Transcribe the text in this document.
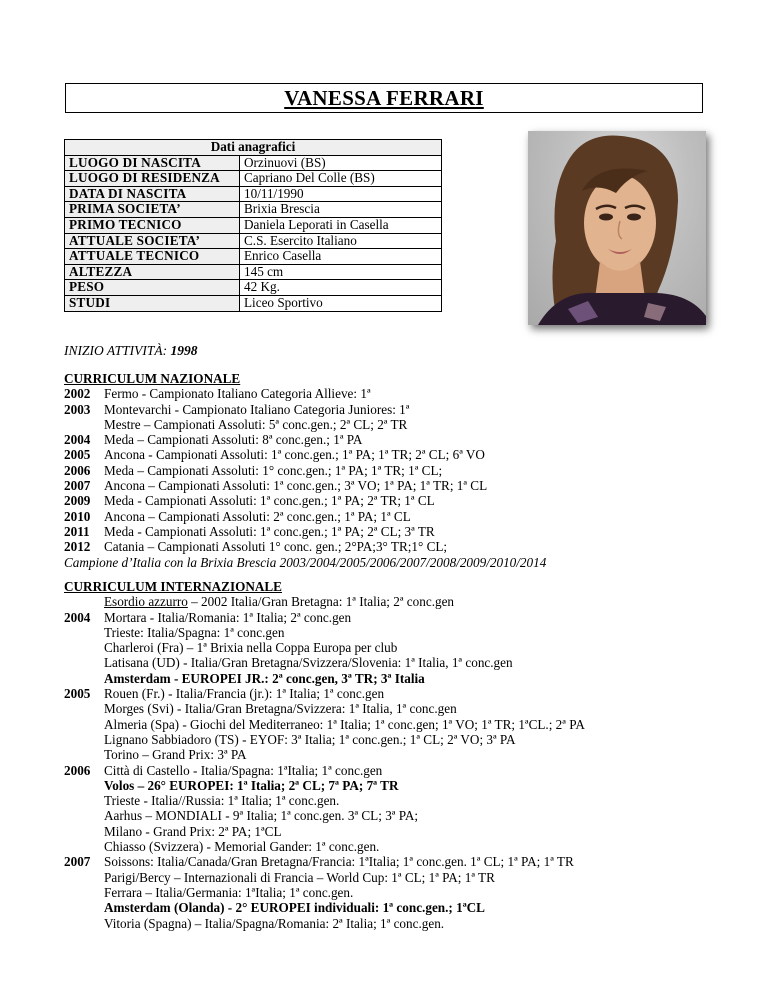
VANESSA FERRARI
Dati anagrafici	
LUOGO DI NASCITA	Orzinuovi (BS)
LUOGO DI RESIDENZA	Capriano Del Colle (BS)
DATA DI NASCITA	10/11/1990
PRIMA SOCIETA’	Brixia Brescia
PRIMO TECNICO	Daniela Leporati in Casella
ATTUALE SOCIETA’	C.S. Esercito Italiano
ATTUALE TECNICO	Enrico Casella
ALTEZZA	145 cm
PESO	42 Kg.
STUDI	Liceo Sportivo
INIZIO ATTIVITÀ: 1998
CURRICULUM NAZIONALE
2002	Fermo - Campionato Italiano Categoria Allieve: 1ª
2003	Montevarchi - Campionato Italiano Categoria Juniores: 1ª
Mestre – Campionati Assoluti: 5ª conc.gen.; 2ª CL; 2ª TR
2004	Meda – Campionati Assoluti: 8ª conc.gen.; 1ª PA
2005	Ancona - Campionati Assoluti: 1ª conc.gen.; 1ª PA; 1ª TR; 2ª CL; 6ª VO
2006	Meda – Campionati Assoluti: 1° conc.gen.; 1ª PA; 1ª TR; 1ª CL;
2007	Ancona – Campionati Assoluti: 1ª conc.gen.; 3ª VO; 1ª PA; 1ª TR; 1ª CL
2009	Meda - Campionati Assoluti: 1ª conc.gen.; 1ª PA; 2ª TR; 1ª CL
2010	Ancona – Campionati Assoluti: 2ª conc.gen.; 1ª PA; 1ª CL
2011	Meda - Campionati Assoluti: 1ª conc.gen.; 1ª PA; 2ª CL; 3ª TR
2012	Catania – Campionati Assoluti 1° conc. gen.; 2°PA;3° TR;1° CL;
Campione d’Italia con la Brixia Brescia 2003/2004/2005/2006/2007/2008/2009/2010/2014
CURRICULUM INTERNAZIONALE
Esordio azzurro – 2002 Italia/Gran Bretagna: 1ª Italia; 2ª conc.gen
2004	Mortara - Italia/Romania: 1ª Italia; 2ª conc.gen
Trieste: Italia/Spagna: 1ª conc.gen
Charleroi (Fra) – 1ª Brixia nella Coppa Europa per club
Latisana (UD) - Italia/Gran Bretagna/Svizzera/Slovenia: 1ª Italia, 1ª conc.gen
Amsterdam - EUROPEI JR.: 2ª conc.gen, 3ª TR; 3ª Italia
2005	Rouen (Fr.) - Italia/Francia (jr.): 1ª Italia; 1ª conc.gen
Morges (Svi) - Italia/Gran Bretagna/Svizzera: 1ª Italia, 1ª conc.gen
Almeria (Spa) - Giochi del Mediterraneo: 1ª Italia; 1ª conc.gen; 1ª VO; 1ª TR; 1ªCL.; 2ª PA
Lignano Sabbiadoro (TS) - EYOF: 3ª Italia; 1ª conc.gen.; 1ª CL; 2ª VO; 3ª PA
Torino – Grand Prix: 3ª PA
2006	Città di Castello - Italia/Spagna: 1ªItalia; 1ª conc.gen
Volos – 26° EUROPEI: 1ª Italia; 2ª CL; 7ª PA; 7ª TR
Trieste - Italia//Russia: 1ª Italia; 1ª conc.gen.
Aarhus – MONDIALI - 9ª Italia; 1ª conc.gen. 3ª CL; 3ª PA;
Milano - Grand Prix: 2ª PA; 1ªCL
Chiasso (Svizzera) - Memorial Gander: 1ª conc.gen.
2007	Soissons: Italia/Canada/Gran Bretagna/Francia: 1ªItalia; 1ª conc.gen. 1ª CL; 1ª PA; 1ª TR
Parigi/Bercy – Internazionali di Francia – World Cup: 1ª CL; 1ª PA; 1ª TR
Ferrara – Italia/Germania: 1ªItalia; 1ª conc.gen.
Amsterdam (Olanda) - 2° EUROPEI individuali: 1ª conc.gen.; 1ªCL
Vitoria (Spagna) – Italia/Spagna/Romania: 2ª Italia; 1ª conc.gen.
